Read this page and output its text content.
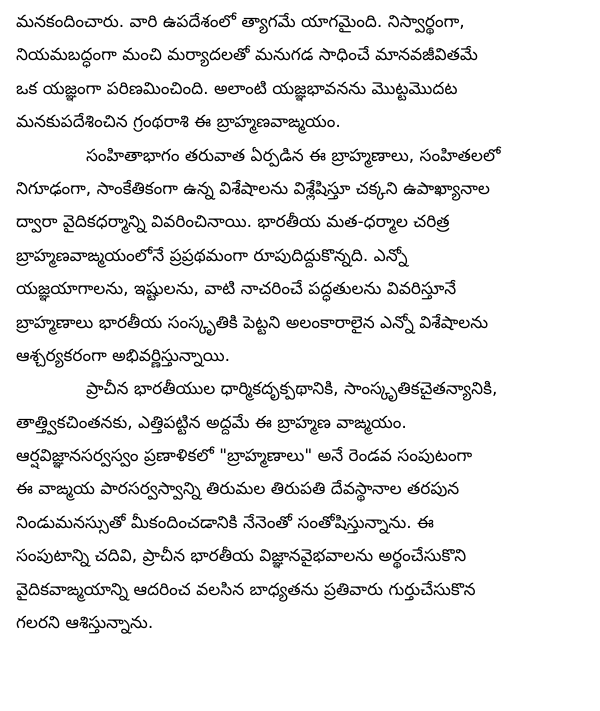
మనకందించారు. వారి ఉపదేశంలో త్యాగమే యాగమైంది. నిస్వార్థంగా,
నియమబద్ధంగా మంచి మర్యాదలతో మనుగడ సాధించే మానవజీవితమే
ఒక యజ్ఞంగా పరిణమించింది. అలాంటి యజ్ఞభావనను మొట్టమొదట
మనకుపదేశించిన గ్రంథరాశి ఈ బ్రాహ్మణవాఙ్మయం.
సంహితాభాగం తరువాత ఏర్పడిన ఈ బ్రాహ్మణాలు, సంహితలలో
నిగూఢంగా, సాంకేతికంగా ఉన్న విశేషాలను విశ్లేషిస్తూ చక్కని ఉపాఖ్యానాల
ద్వారా వైదికధర్మాన్ని వివరించినాయి. భారతీయ మత-ధర్మాల చరిత్ర
బ్రాహ్మణవాఙ్మయంలోనే ప్రప్రథమంగా రూపుదిద్దుకొన్నది. ఎన్నో
యజ్ఞయాగాలను, ఇష్టులను, వాటి నాచరించే పద్ధతులను వివరిస్తూనే
బ్రాహ్మణాలు భారతీయ సంస్కృతికి పెట్టని అలంకారాలైన ఎన్నో విశేషాలను
ఆశ్చర్యకరంగా అభివర్ణిస్తున్నాయి.
ప్రాచీన భారతీయుల ధార్మికదృక్పథానికి, సాంస్కృతికచైతన్యానికి,
తాత్త్వికచింతనకు, ఎత్తిపట్టిన అద్దమే ఈ బ్రాహ్మణ వాఙ్మయం.
ఆర్షవిజ్ఞానసర్వస్వం ప్రణాళికలో "బ్రాహ్మణాలు" అనే రెండవ సంపుటంగా
ఈ వాఙ్మయ పారసర్వస్వాన్ని తిరుమల తిరుపతి దేవస్థానాల తరపున
నిండుమనస్సుతో మీకందించడానికి నేనెంతో సంతోషిస్తున్నాను. ఈ
సంపుటాన్ని చదివి, ప్రాచీన భారతీయ విజ్ఞానవైభవాలను అర్థంచేసుకొని
వైదికవాఙ్మయాన్ని ఆదరించ వలసిన బాధ్యతను ప్రతివారు గుర్తుచేసుకొన
గలరని ఆశిస్తున్నాను.
